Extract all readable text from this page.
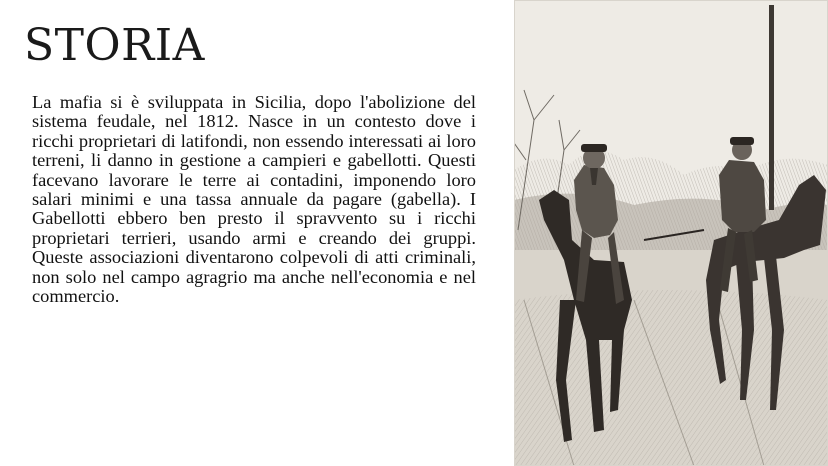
STORIA

La mafia si è sviluppata in Sicilia, dopo l'abolizione del sistema feudale, nel 1812. Nasce in un contesto dove i ricchi proprietari di latifondi, non essendo interessati ai loro terreni, li danno in gestione a campieri e gabellotti. Questi facevano lavorare le terre ai contadini, imponendo loro salari minimi e una tassa annuale da pagare (gabella). I Gabellotti ebbero ben presto il spravvento su i ricchi proprietari terrieri, usando armi e creando dei gruppi. Queste associazioni diventarono colpevoli di atti criminali, non solo nel campo agragrio ma anche nell'economia e nel commercio.
